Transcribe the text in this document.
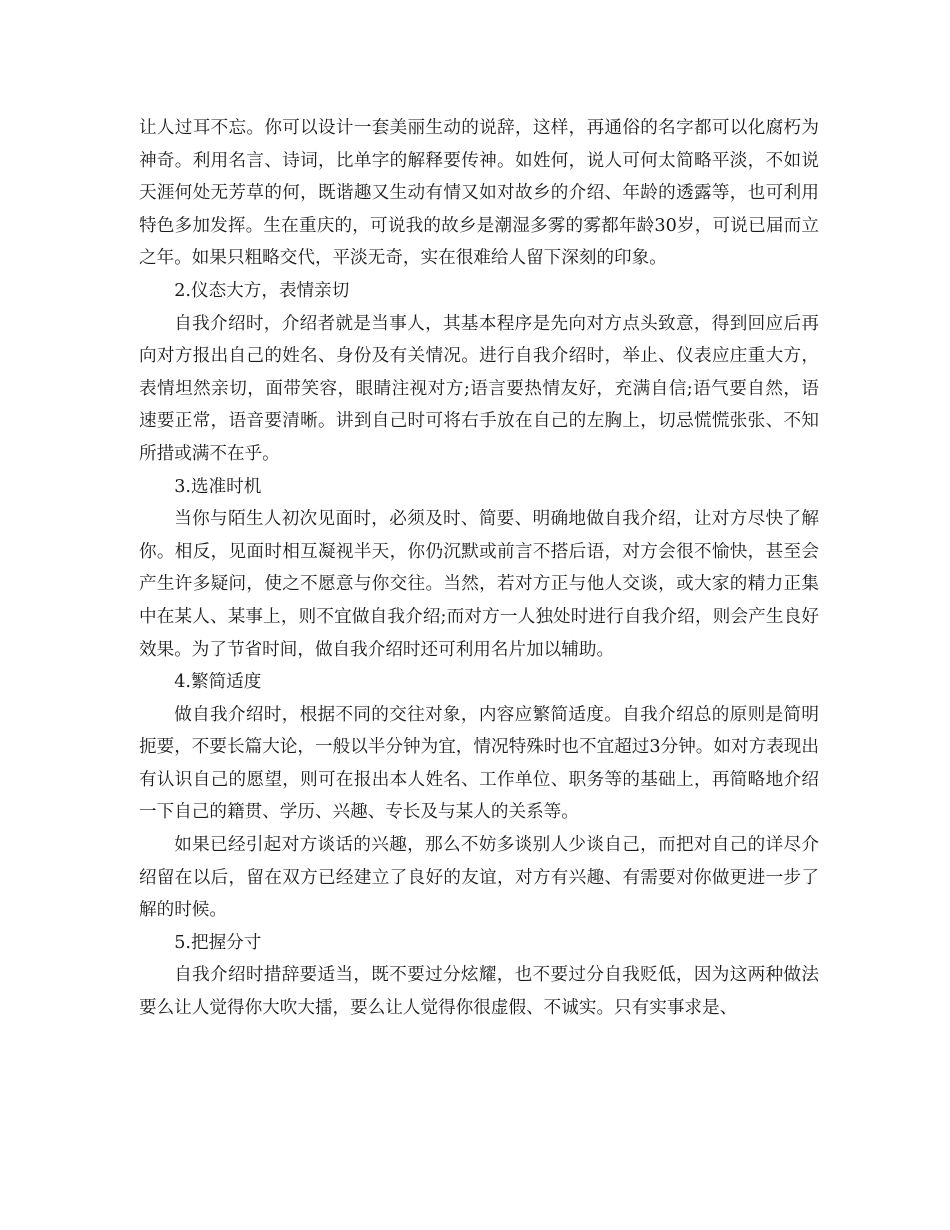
让人过耳不忘。你可以设计一套美丽生动的说辞，这样，再通俗的名字都可以化腐朽为神奇。利用名言、诗词，比单字的解释要传神。如姓何，说人可何太简略平淡，不如说天涯何处无芳草的何，既谐趣又生动有情又如对故乡的介绍、年龄的透露等，也可利用特色多加发挥。生在重庆的，可说我的故乡是潮湿多雾的雾都年龄30岁，可说已届而立之年。如果只粗略交代，平淡无奇，实在很难给人留下深刻的印象。

2.仪态大方，表情亲切

自我介绍时，介绍者就是当事人，其基本程序是先向对方点头致意，得到回应后再向对方报出自己的姓名、身份及有关情况。进行自我介绍时，举止、仪表应庄重大方，表情坦然亲切，面带笑容，眼睛注视对方;语言要热情友好，充满自信;语气要自然，语速要正常，语音要清晰。讲到自己时可将右手放在自己的左胸上，切忌慌慌张张、不知所措或满不在乎。

3.选准时机

当你与陌生人初次见面时，必须及时、简要、明确地做自我介绍，让对方尽快了解你。相反，见面时相互凝视半天，你仍沉默或前言不搭后语，对方会很不愉快，甚至会产生许多疑问，使之不愿意与你交往。当然，若对方正与他人交谈，或大家的精力正集中在某人、某事上，则不宜做自我介绍;而对方一人独处时进行自我介绍，则会产生良好效果。为了节省时间，做自我介绍时还可利用名片加以辅助。

4.繁简适度

做自我介绍时，根据不同的交往对象，内容应繁简适度。自我介绍总的原则是简明扼要，不要长篇大论，一般以半分钟为宜，情况特殊时也不宜超过3分钟。如对方表现出有认识自己的愿望，则可在报出本人姓名、工作单位、职务等的基础上，再简略地介绍一下自己的籍贯、学历、兴趣、专长及与某人的关系等。

如果已经引起对方谈话的兴趣，那么不妨多谈别人少谈自己，而把对自己的详尽介绍留在以后，留在双方已经建立了良好的友谊，对方有兴趣、有需要对你做更进一步了解的时候。

5.把握分寸

自我介绍时措辞要适当，既不要过分炫耀，也不要过分自我贬低，因为这两种做法要么让人觉得你大吹大擂，要么让人觉得你很虚假、不诚实。只有实事求是、
